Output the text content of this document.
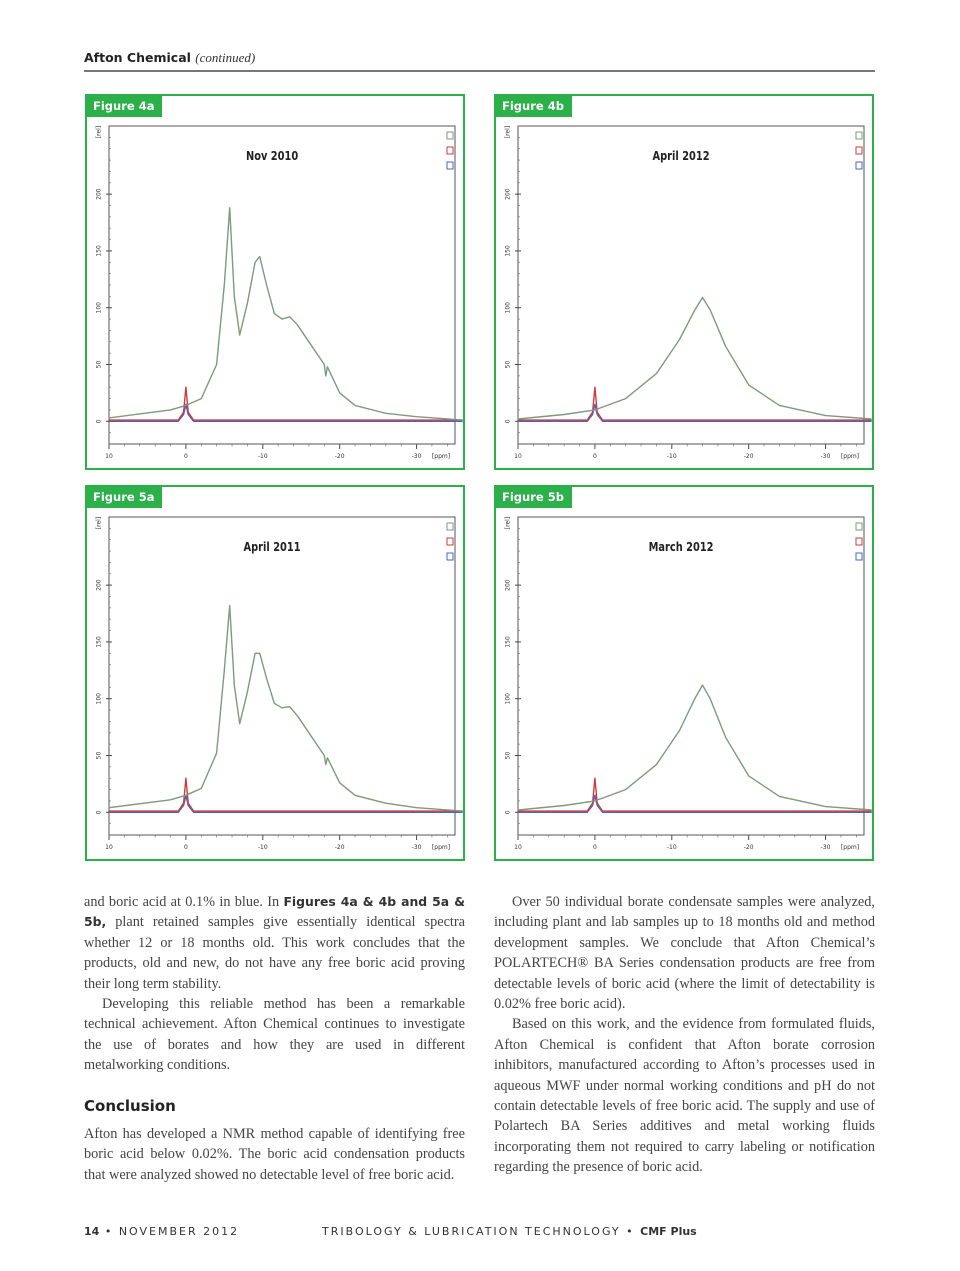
Afton Chemical (continued)
0
50
100
150
200
[rel]
10	0	-10	-20	-30 [ppm]
Nov 2010
Figure 4a
0
50
100
150
200
[rel]
10	0	-10	-20	-30 [ppm]
April 2012
Figure 4b
0
50
100
150
200
[rel]
10	0	-10	-20	-30 [ppm]
April 2011
Figure 5a
0
50
100
150
200
[rel]
10	0	-10	-20	-30 [ppm]
March 2012
Figure 5b

and boric acid at 0.1% in blue. In Figures 4a & 4b and 5a & 5b, plant retained samples give essentially identical spectra whether 12 or 18 months old. This work concludes that the products, old and new, do not have any free boric acid proving their long term stability.

Developing this reliable method has been a remarkable technical achievement. Afton Chemical continues to investigate the use of borates and how they are used in different metalworking conditions.

Conclusion

Afton has developed a NMR method capable of identifying free boric acid below 0.02%. The boric acid condensation products that were analyzed showed no detectable level of free boric acid.

Over 50 individual borate condensate samples were analyzed, including plant and lab samples up to 18 months old and method development samples. We conclude that Afton Chemical’s POLARTECH® BA Series condensation products are free from detectable levels of boric acid (where the limit of detectability is 0.02% free boric acid).

Based on this work, and the evidence from formulated fluids, Afton Chemical is confident that Afton borate corrosion inhibitors, manufactured according to Afton’s processes used in aqueous MWF under normal working conditions and pH do not contain detectable levels of free boric acid. The supply and use of Polartech BA Series additives and metal working fluids incorporating them not required to carry labeling or notification regarding the presence of boric acid.

14 • NOVEMBER 2012	TRIBOLOGY & LUBRICATION TECHNOLOGY • CMF Plus
